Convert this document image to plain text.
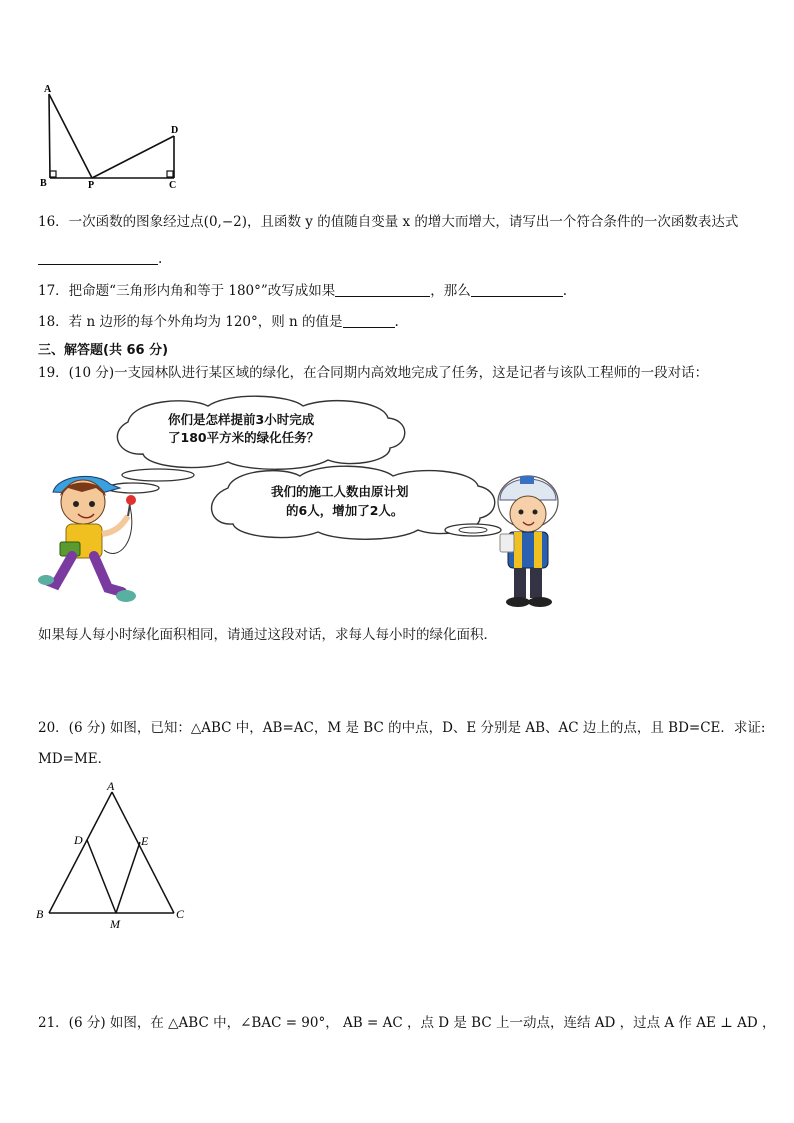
A
B	P	C
D
16．一次函数的图象经过点(0,−2)，且函数 y 的值随自变量 x 的增大而增大，请写出一个符合条件的一次函数表达式
.
17．把命题“三角形内角和等于 180°”改写成如果	，那么	.
18．若 n 边形的每个外角均为 120°，则 n 的值是	.
三、解答题(共 66 分)
19．(10 分)一支园林队进行某区域的绿化，在合同期内高效地完成了任务，这是记者与该队工程师的一段对话：
你们是怎样提前3小时完成
了180平方米的绿化任务？
我们的施工人数由原计划
的6人，增加了2人。
如果每人每小时绿化面积相同，请通过这段对话，求每人每小时的绿化面积．
20．(6 分) 如图，已知：△ABC 中，AB=AC，M 是 BC 的中点，D、E 分别是 AB、AC 边上的点，且 BD=CE．求证:
MD=ME．
A
B	C
D	E
M
21．(6 分) 如图，在 △ABC 中，∠BAC = 90°， AB = AC ，点 D 是 BC 上一动点，连结 AD ，过点 A 作 AE ⊥ AD ，
